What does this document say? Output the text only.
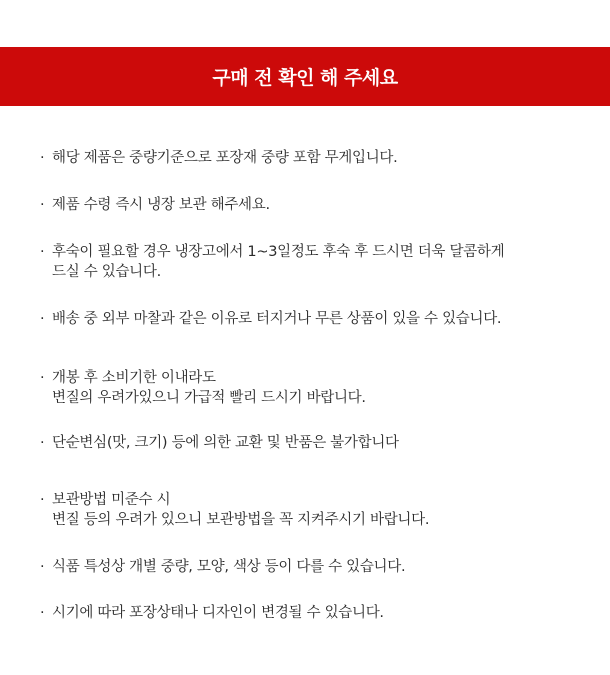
구매 전 확인 해 주세요
· 해당 제품은 중량기준으로 포장재 중량 포함 무게입니다.
· 제품 수령 즉시 냉장 보관 해주세요.
· 후숙이 필요할 경우 냉장고에서 1~3일정도 후숙 후 드시면 더욱 달콤하게
드실 수 있습니다.
· 배송 중 외부 마찰과 같은 이유로 터지거나 무른 상품이 있을 수 있습니다.
· 개봉 후 소비기한 이내라도
변질의 우려가있으니 가급적 빨리 드시기 바랍니다.
· 단순변심(맛, 크기) 등에 의한 교환 및 반품은 불가합니다
· 보관방법 미준수 시
변질 등의 우려가 있으니 보관방법을 꼭 지켜주시기 바랍니다.
· 식품 특성상 개별 중량, 모양, 색상 등이 다를 수 있습니다.
· 시기에 따라 포장상태나 디자인이 변경될 수 있습니다.
